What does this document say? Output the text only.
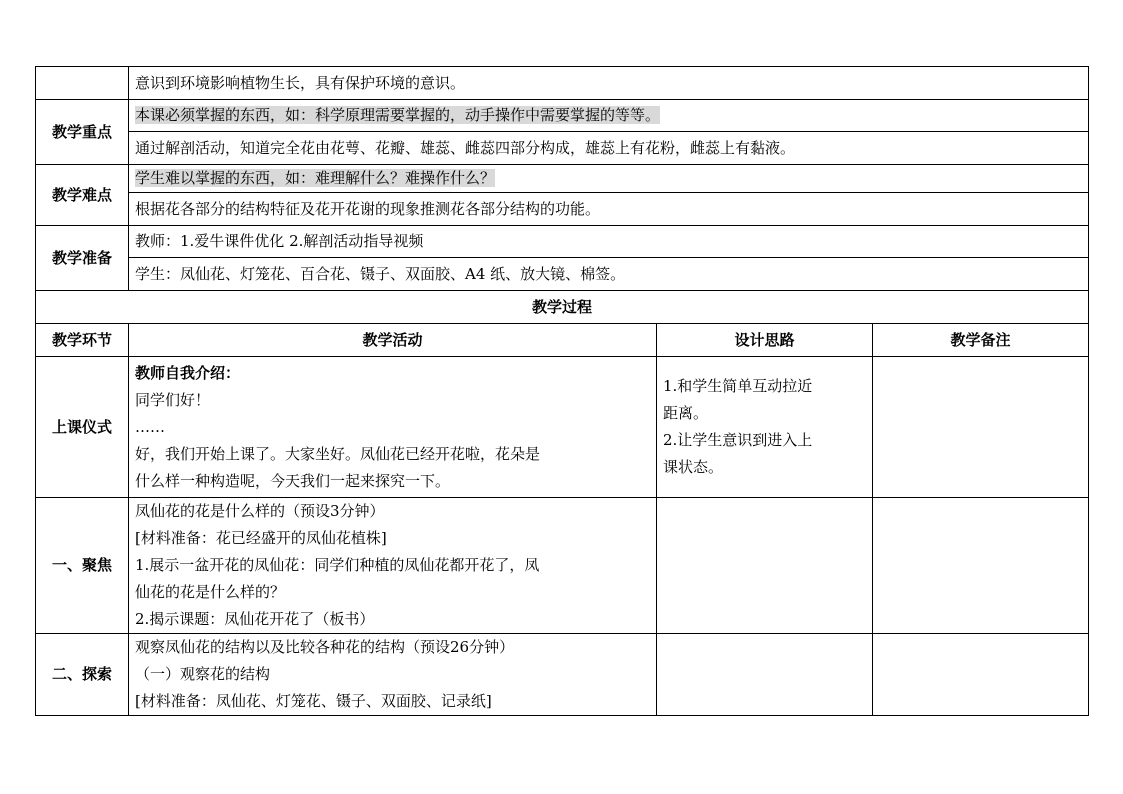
	意识到环境影响植物生长，具有保护环境的意识。		
教学重点	本课必须掌握的东西，如：科学原理需要掌握的，动手操作中需要掌握的等等。		
	通过解剖活动，知道完全花由花萼、花瓣、雄蕊、雌蕊四部分构成，雄蕊上有花粉，雌蕊上有黏液。		
教学难点	学生难以掌握的东西，如：难理解什么？难操作什么？		
	根据花各部分的结构特征及花开花谢的现象推测花各部分结构的功能。		
教学准备	教师：1.爱牛课件优化 2.解剖活动指导视频		
	学生：凤仙花、灯笼花、百合花、镊子、双面胶、A4 纸、放大镜、棉签。		
教学过程			
教学环节	教学活动	设计思路	教学备注
上课仪式	教师自我介绍：
同学们好！
……
好，我们开始上课了。大家坐好。凤仙花已经开花啦，花朵是
什么样一种构造呢，今天我们一起来探究一下。	1.和学生简单互动拉近
距离。
2.让学生意识到进入上
课状态。	

一、聚焦	凤仙花的花是什么样的（预设3分钟）
[材料准备：花已经盛开的凤仙花植株]
1.展示一盆开花的凤仙花：同学们种植的凤仙花都开花了，凤
仙花的花是什么样的？
2.揭示课题：凤仙花开花了（板书）		

二、探索	观察凤仙花的结构以及比较各种花的结构（预设26分钟）
（一）观察花的结构
[材料准备：凤仙花、灯笼花、镊子、双面胶、记录纸]		
